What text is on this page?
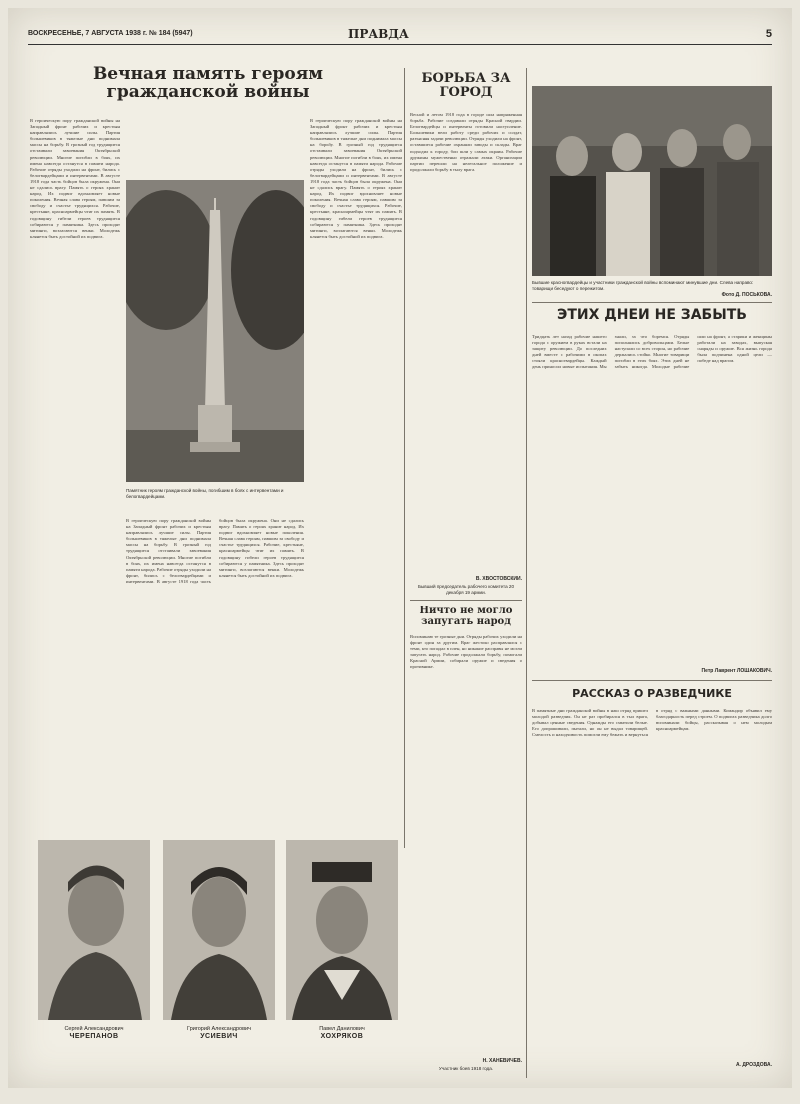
ВОСКРЕСЕНЬЕ, 7 АВГУСТА 1938 г. № 184 (5947)	ПРАВДА	5
Вечная память героям гражданской войны
В героическую пору гражданской войны на Западный фронт рабочих и крестьян направлялись лучшие силы. Партия большевиков в тяжелые дни поднимала массы на борьбу. В грозный год трудящиеся отстаивали завоевания Октябрьской революции. Многие погибли в боях, их имена навсегда останутся в памяти народа. Рабочие отряды уходили на фронт, бились с белогвардейцами и интервентами. В августе 1918 года часть бойцов была окружена. Они не сдались врагу. Память о героях хранит народ. Их подвиг вдохновляет новые поколения. Вечная слава героям, павшим за свободу и счастье трудящихся. Рабочие, крестьяне, красноармейцы чтят их память. В годовщину гибели героев трудящиеся собираются у памятника. Здесь проходят митинги, возлагаются венки. Молодежь клянется быть достойной их подвига.
Памятник героям гражданской войны, погибшим в боях с интервентами и белогвардейцами.
В героическую пору гражданской войны на Западный фронт рабочих и крестьян направлялись лучшие силы. Партия большевиков в тяжелые дни поднимала массы на борьбу. В грозный год трудящиеся отстаивали завоевания Октябрьской революции. Многие погибли в боях, их имена навсегда останутся в памяти народа. Рабочие отряды уходили на фронт, бились с белогвардейцами и интервентами. В августе 1918 года часть бойцов была окружена. Они не сдались врагу. Память о героях хранит народ. Их подвиг вдохновляет новые поколения. Вечная слава героям, павшим за свободу и счастье трудящихся. Рабочие, крестьяне, красноармейцы чтят их память. В годовщину гибели героев трудящиеся собираются у памятника. Здесь проходят митинги, возлагаются венки. Молодежь клянется быть достойной их подвига.
В героическую пору гражданской войны на Западный фронт рабочих и крестьян направлялись лучшие силы. Партия большевиков в тяжелые дни поднимала массы на борьбу. В грозный год трудящиеся отстаивали завоевания Октябрьской революции. Многие погибли в боях, их имена навсегда останутся в памяти народа. Рабочие отряды уходили на фронт, бились с белогвардейцами и интервентами. В августе 1918 года часть бойцов была окружена. Они не сдались врагу. Память о героях хранит народ. Их подвиг вдохновляет новые поколения. Вечная слава героям, павшим за свободу и счастье трудящихся. Рабочие, крестьяне, красноармейцы чтят их память. В годовщину гибели героев трудящиеся собираются у памятника. Здесь проходят митинги, возлагаются венки. Молодежь клянется быть достойной их подвига.
Сергей Александрович
ЧЕРЕПАНОВ
Григорий Александрович
УСИЕВИЧ
Павел Данилович
ХОХРЯКОВ
БОРЬБА ЗА ГОРОД
Весной и летом 1918 года в городе шла напряженная борьба. Рабочие создавали отряды Красной гвардии. Белогвардейцы и интервенты готовили наступление. Большевики вели работу среди рабочих и солдат, разъясняя задачи революции. Отряды уходили на фронт, оставшиеся рабочие охраняли заводы и склады. Враг подходил к городу, бои шли у самых окраин. Рабочие дружины мужественно отражали атаки. Организации партии перешли на нелегальное положение и продолжали борьбу в тылу врага.
В. ХВОСТОВСКИЙ.
Бывший председатель рабочего комитета 20 декабря 19 армии.
Ничто не могло запугать народ
Вспоминаю те грозные дни. Отряды рабочих уходили на фронт один за другим. Враг жестоко расправлялся с теми, кто попадал в плен, но никакие расправы не могли запугать народ. Рабочие продолжали борьбу, помогали Красной Армии, собирали оружие и сведения о противнике.
Н. ХАНЕВИЧЕВ.
Участник боев 1918 года.
Бывшие красногвардейцы и участники гражданской войны вспоминают минувшие дни. Слева направо: товарищи беседуют о пережитом.
Фото Д. ПОСЬКОВА.
ЭТИХ ДНЕЙ НЕ ЗАБЫТЬ
Тридцать лет назад рабочие нашего города с оружием в руках встали на защиту революции. До последних дней вместе с рабочими в окопах стояли красногвардейцы. Каждый день приносил новые испытания. Мы знали, за что боремся. Отряды пополнялись добровольцами. Белые наступали со всех сторон, но рабочие держались стойко. Многие товарищи погибли в этих боях. Этих дней не забыть никогда. Молодые рабочие шли на фронт, а старики и женщины работали на заводах, выпуская снаряды и оружие. Вся жизнь города была подчинена одной цели — победе над врагом.
Петр Лаврент ЛОШАКОВИЧ.
РАССКАЗ О РАЗВЕДЧИКЕ
В памятные дни гражданской войны в наш отряд пришел молодой разведчик. Он не раз пробирался в тыл врага, добывал ценные сведения. Однажды его схватили белые. Его допрашивали, пытали, но он не выдал товарищей. Смелость и находчивость помогли ему бежать и вернуться в отряд с важными данными. Командир объявил ему благодарность перед строем. О подвигах разведчика долго вспоминали бойцы, рассказывая о нем молодым красноармейцам.
А. ДРОЗДОВА.
